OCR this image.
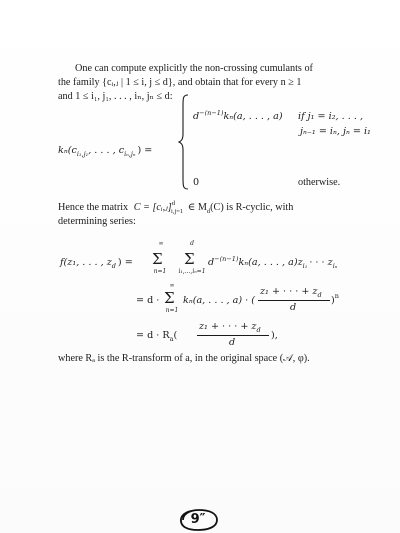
One can compute explicitly the non-crossing cumulants of
the family {cᵢ,ⱼ | 1 ≤ i, j ≤ d}, and obtain that for every n ≥ 1
and 1 ≤ i₁, j₁, . . . , iₙ, jₙ ≤ d:
$k_n(c_{i_1,j_1}$, . . . , $c_{i_n,j_n}$ ) =
$d^{-(n-1)}k_n(a$, . . . , a) if j₁ = i₂, . . . ,
jₙ₋₁ = iₙ, jₙ = i₁
0	otherwise.
Hence the matrix C = [cᵢ,ⱼ]$^d_{i,j=1}$ ∈ $M_d(C)$ is R-cyclic, with
determining series:
f(z₁, . . . , $z_d$ ) =
∞
Σ
n=1
d
Σ
i₁,...,iₙ=1
$d^{-(n-1)}k_n(a$, . . . , $a)z_{i_1}$ · · · $z_{i_n}$
= d ·
∞
Σ
n=1
kₙ(a, . . . , a) · (
z₁ + · · · + $z_d$
d
)$^n$
= $d \cdot R_a$(
z₁ + · · · + $z_d$
d
),
where Rₐ is the R-transform of a, in the original space (𝒜, φ).
9″
